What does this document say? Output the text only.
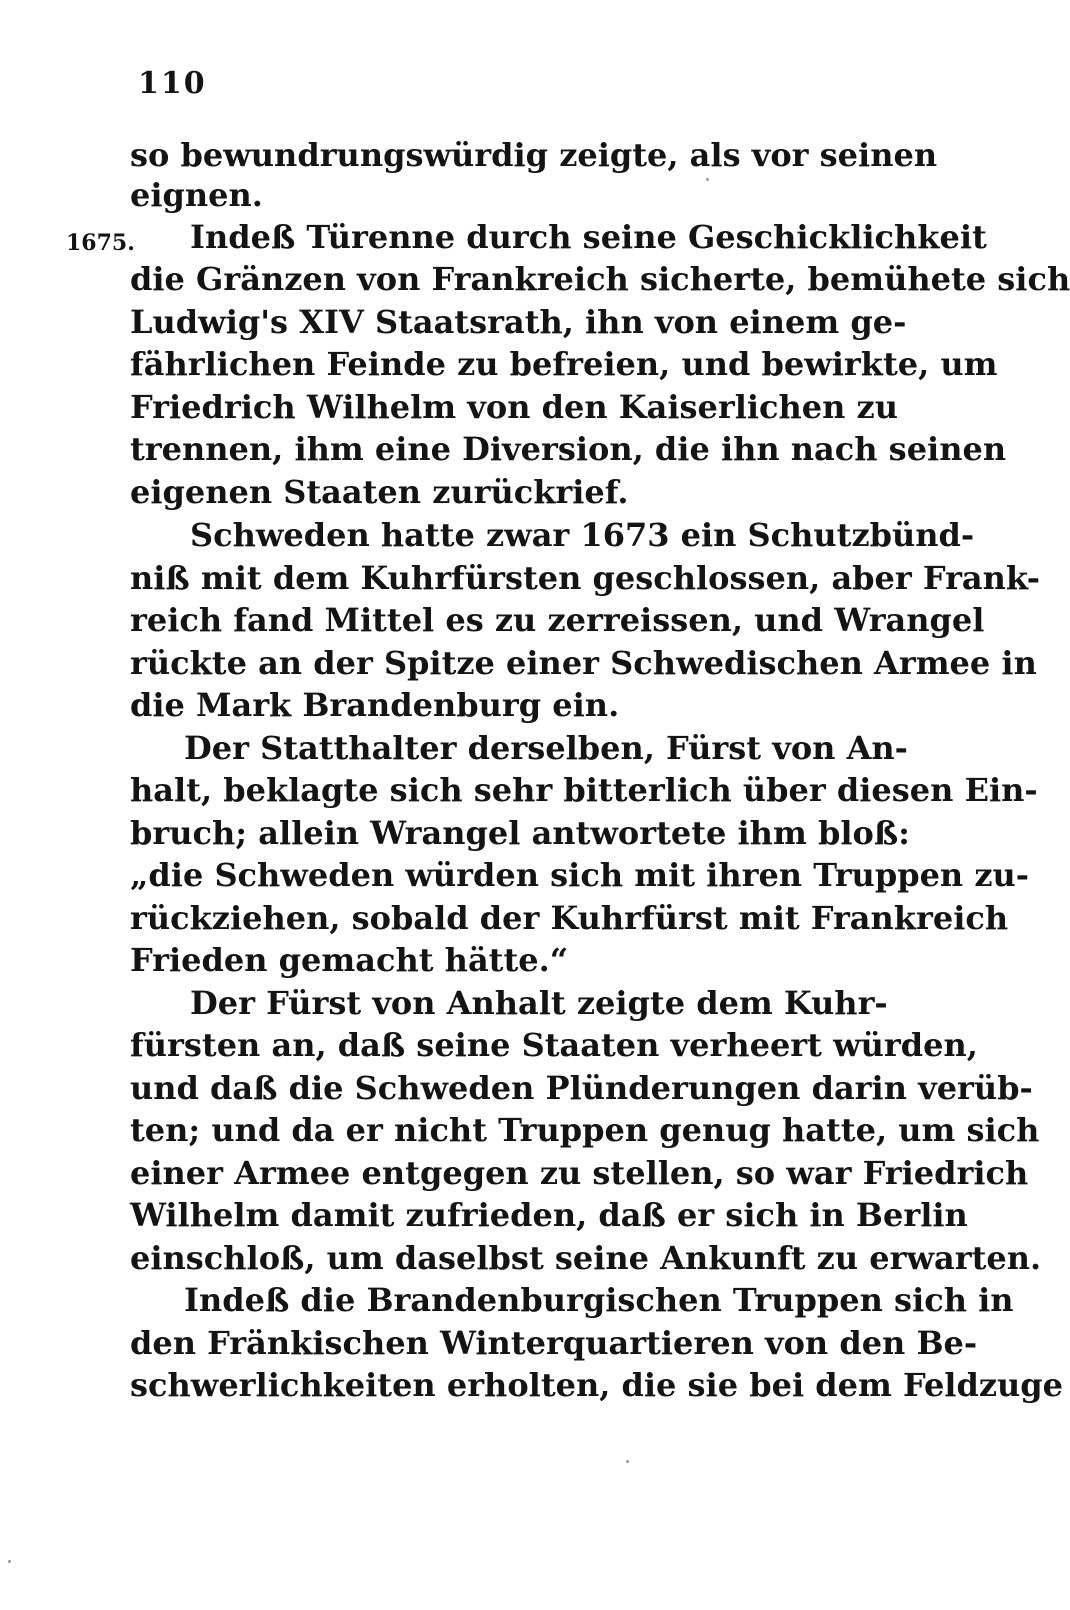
110
1675.
so bewundrungswürdig zeigte, als vor seinen
eignen.
Indeß Türenne durch seine Geschicklichkeit
die Gränzen von Frankreich sicherte, bemühete sich
Ludwig's XIV Staatsrath, ihn von einem ge-
fährlichen Feinde zu befreien, und bewirkte, um
Friedrich Wilhelm von den Kaiserlichen zu
trennen, ihm eine Diversion, die ihn nach seinen
eigenen Staaten zurückrief.
Schweden hatte zwar 1673 ein Schutzbünd-
niß mit dem Kuhrfürsten geschlossen, aber Frank-
reich fand Mittel es zu zerreissen, und Wrangel
rückte an der Spitze einer Schwedischen Armee in
die Mark Brandenburg ein.
Der Statthalter derselben, Fürst von An-
halt, beklagte sich sehr bitterlich über diesen Ein-
bruch; allein Wrangel antwortete ihm bloß:
„die Schweden würden sich mit ihren Truppen zu-
rückziehen, sobald der Kuhrfürst mit Frankreich
Frieden gemacht hätte.“
Der Fürst von Anhalt zeigte dem Kuhr-
fürsten an, daß seine Staaten verheert würden,
und daß die Schweden Plünderungen darin verüb-
ten; und da er nicht Truppen genug hatte, um sich
einer Armee entgegen zu stellen, so war Friedrich
Wilhelm damit zufrieden, daß er sich in Berlin
einschloß, um daselbst seine Ankunft zu erwarten.
Indeß die Brandenburgischen Truppen sich in
den Fränkischen Winterquartieren von den Be-
schwerlichkeiten erholten, die sie bei dem Feldzuge
